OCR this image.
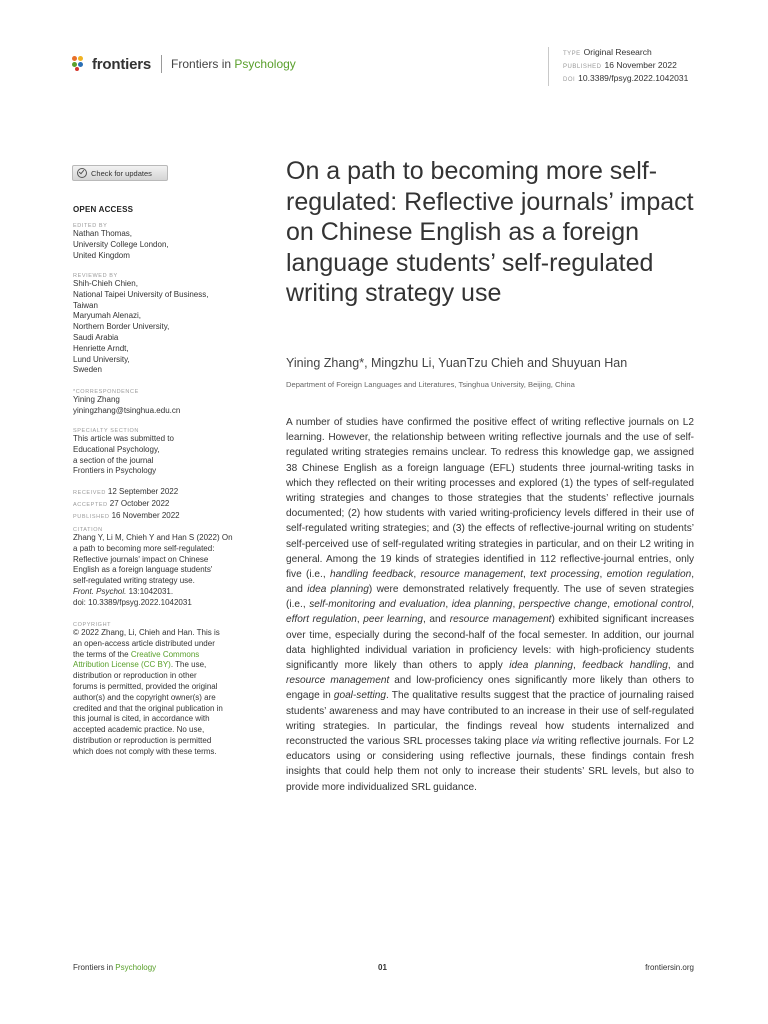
frontiers Frontiers in Psychology
TYPE Original Research
PUBLISHED 16 November 2022
DOI 10.3389/fpsyg.2022.1042031
Check for updates
OPEN ACCESS
EDITED BY
Nathan Thomas,
University College London,
United Kingdom
REVIEWED BY
Shih-Chieh Chien,
National Taipei University of Business,
Taiwan
Maryumah Alenazi,
Northern Border University,
Saudi Arabia
Henriette Arndt,
Lund University,
Sweden
*CORRESPONDENCE
Yining Zhang
yiningzhang@tsinghua.edu.cn
SPECIALTY SECTION
This article was submitted to
Educational Psychology,
a section of the journal
Frontiers in Psychology
RECEIVED 12 September 2022
ACCEPTED 27 October 2022
PUBLISHED 16 November 2022
CITATION
Zhang Y, Li M, Chieh Y and Han S (2022) On
a path to becoming more self-regulated:
Reflective journals' impact on Chinese
English as a foreign language students'
self-regulated writing strategy use.
Front. Psychol. 13:1042031.
doi: 10.3389/fpsyg.2022.1042031
COPYRIGHT
© 2022 Zhang, Li, Chieh and Han. This is
an open-access article distributed under
the terms of the Creative Commons
Attribution License (CC BY). The use,
distribution or reproduction in other
forums is permitted, provided the original
author(s) and the copyright owner(s) are
credited and that the original publication in
this journal is cited, in accordance with
accepted academic practice. No use,
distribution or reproduction is permitted
which does not comply with these terms.
On a path to becoming more self-regulated: Reflective journals’ impact on Chinese English as a foreign language students’ self-regulated writing strategy use
Yining Zhang*, Mingzhu Li, YuanTzu Chieh and Shuyuan Han
Department of Foreign Languages and Literatures, Tsinghua University, Beijing, China
A number of studies have confirmed the positive effect of writing reflective journals on L2 learning. However, the relationship between writing reflective journals and the use of self-regulated writing strategies remains unclear. To redress this knowledge gap, we assigned 38 Chinese English as a foreign language (EFL) students three journal-writing tasks in which they reflected on their writing processes and explored (1) the types of self-regulated writing strategies and changes to those strategies that the students’ reflective journals documented; (2) how students with varied writing-proficiency levels differed in their use of self-regulated writing strategies; and (3) the effects of reflective-journal writing on students’ self-perceived use of self-regulated writing strategies in particular, and on their L2 writing in general. Among the 19 kinds of strategies identified in 112 reflective-journal entries, only five (i.e., handling feedback, resource management, text processing, emotion regulation, and idea planning) were demonstrated relatively frequently. The use of seven strategies (i.e., self-monitoring and evaluation, idea planning, perspective change, emotional control, effort regulation, peer learning, and resource management) exhibited significant increases over time, especially during the second-half of the focal semester. In addition, our journal data highlighted individual variation in proficiency levels: with high-proficiency students significantly more likely than others to apply idea planning, feedback handling, and resource management and low-proficiency ones significantly more likely than others to engage in goal-setting. The qualitative results suggest that the practice of journaling raised students’ awareness and may have contributed to an increase in their use of self-regulated writing strategies. In particular, the findings reveal how students internalized and reconstructed the various SRL processes taking place via writing reflective journals. For L2 educators using or considering using reflective journals, these findings contain fresh insights that could help them not only to increase their students’ SRL levels, but also to provide more individualized SRL guidance.
Frontiers in Psychology	01	frontiersin.org
